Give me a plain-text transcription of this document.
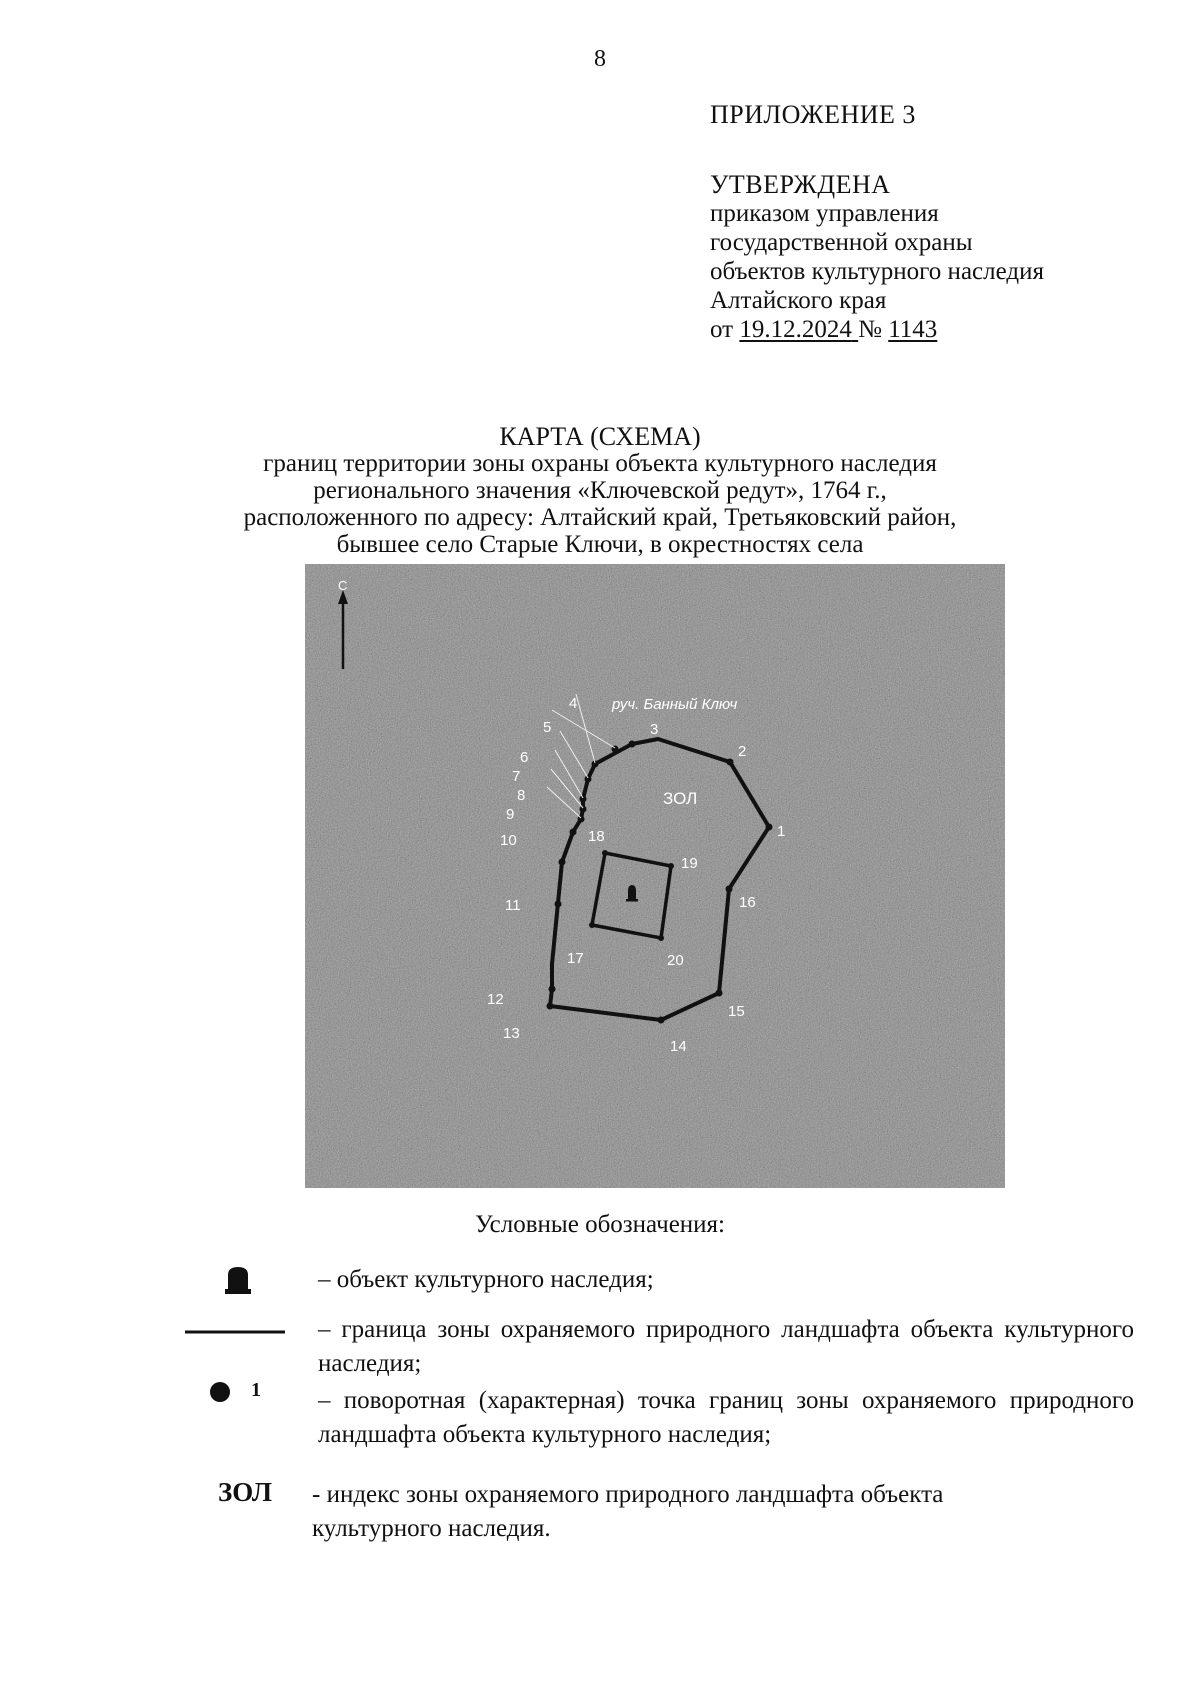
8
ПРИЛОЖЕНИЕ 3
УТВЕРЖДЕНА
приказом управления
государственной охраны
объектов культурного наследия
Алтайского края
от 19.12.2024 № 1143
КАРТА (СХЕМА)
границ территории зоны охраны объекта культурного наследия
регионального значения «Ключевской редут», 1764 г.,
расположенного по адресу: Алтайский край, Третьяковский район,
бывшее село Старые Ключи, в окрестностях села
С
руч. Банный Ключ
ЗОЛ
1
2
3
4
5
6
7
8
9
10
11
12
13
14
15
16
17
18
19
20
Условные обозначения:
– объект культурного наследия;
– граница зоны охраняемого природного ландшафта объекта культурного наследия;
1 – поворотная (характерная) точка границ зоны охраняемого природного ландшафта объекта культурного наследия;
ЗОЛ - индекс зоны охраняемого природного ландшафта объекта культурного наследия.
